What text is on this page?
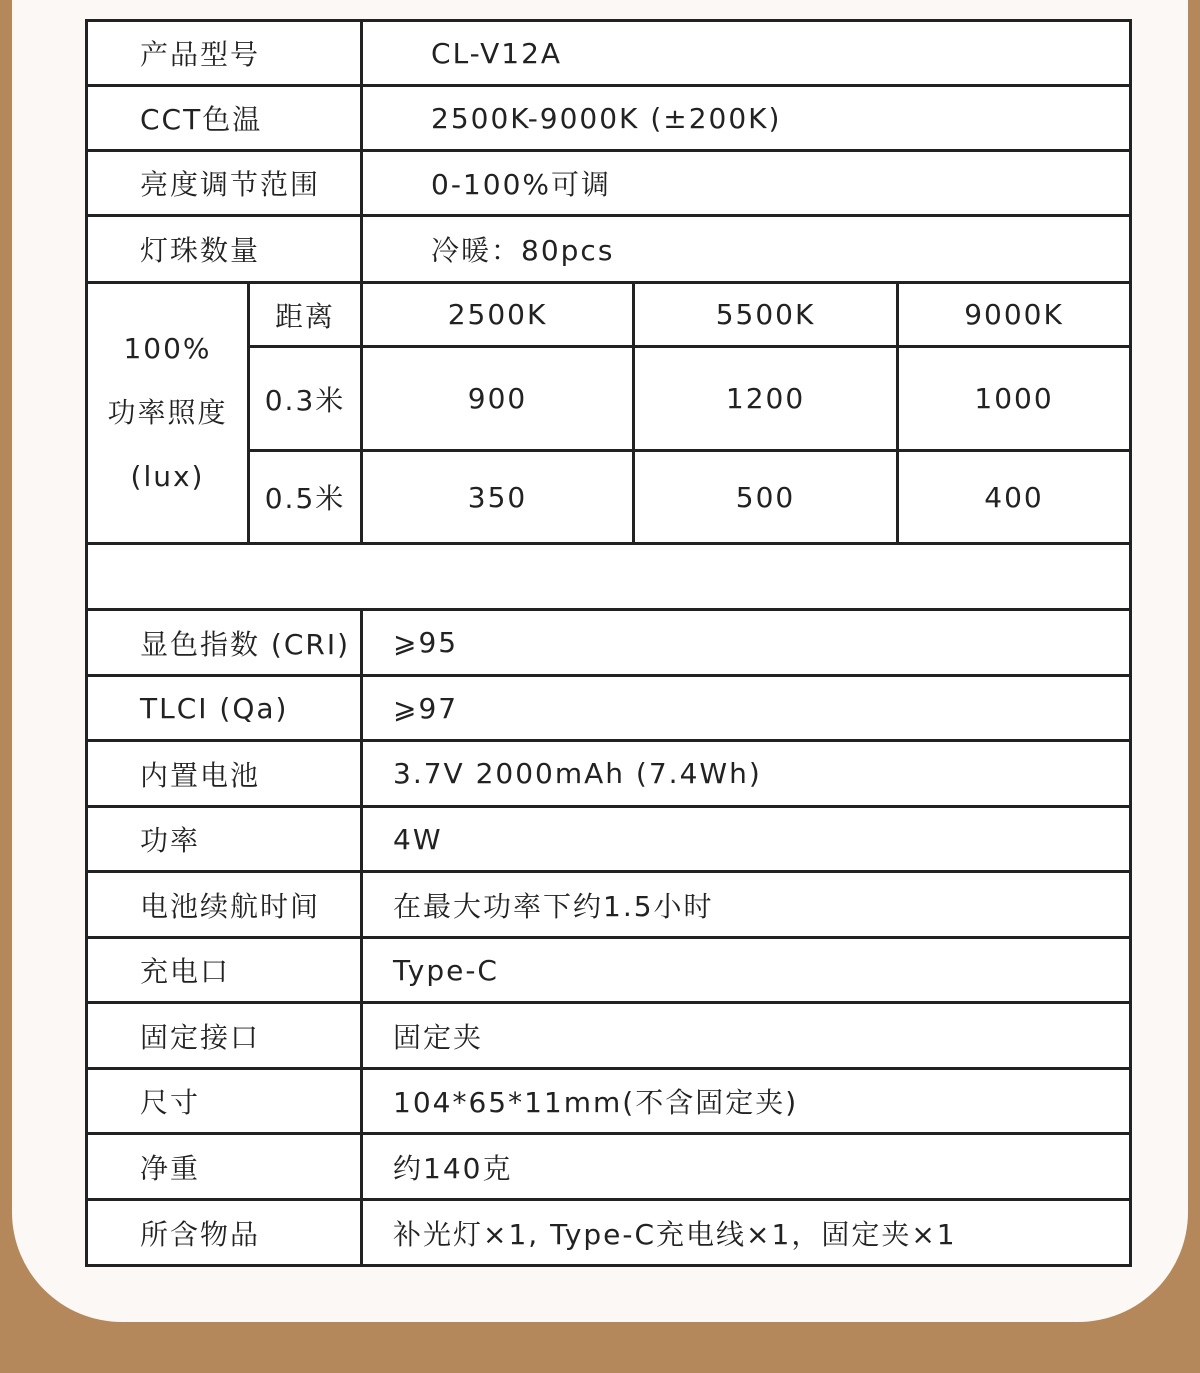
产品型号		CL-V12A		
CCT色温		2500K-9000K (±200K)		
亮度调节范围		0-100%可调		
灯珠数量		冷暖：80pcs		

100%
功率照度
(lux)	距离	2500K	5500K	9000K
	0.3米	900	1200	1000
	0.5米	350	500	400

显色指数 (CRI)		⩾95		
TLCI (Qa)		⩾97		
内置电池		3.7V 2000mAh (7.4Wh)		
功率		4W		
电池续航时间		在最大功率下约1.5小时		
充电口		Type-C		
固定接口		固定夹		
尺寸		104*65*11mm(不含固定夹)		
净重		约140克		
所含物品		补光灯×1, Type-C充电线×1，固定夹×1		
